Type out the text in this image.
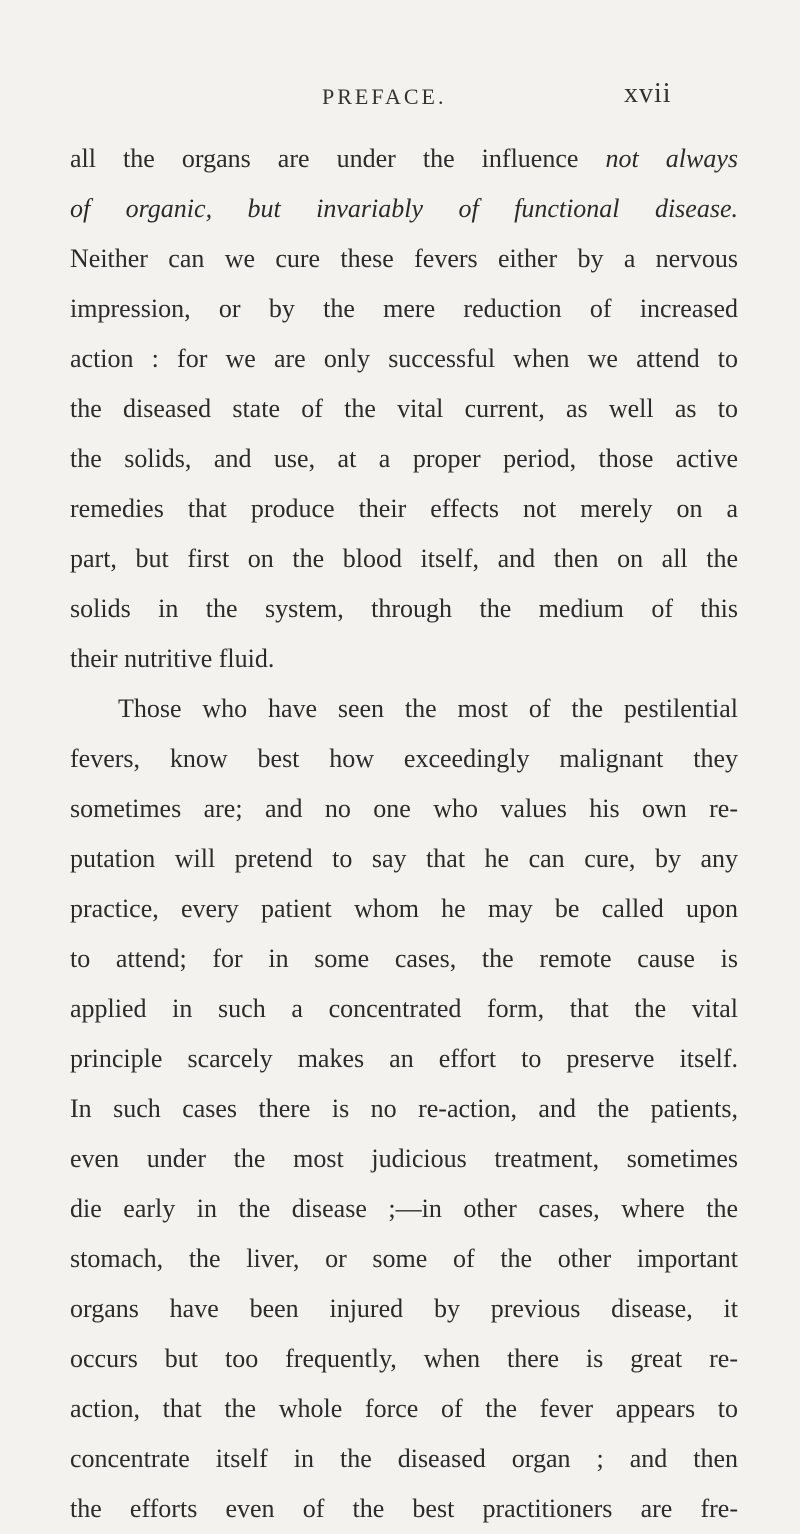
PREFACE.	xvii
all the organs are under the influence not always
of organic, but invariably of functional disease.
Neither can we cure these fevers either by a nervous
impression, or by the mere reduction of increased
action : for we are only successful when we attend to
the diseased state of the vital current, as well as to
the solids, and use, at a proper period, those active
remedies that produce their effects not merely on a
part, but first on the blood itself, and then on all the
solids in the system, through the medium of this
their nutritive fluid.
Those who have seen the most of the pestilential
fevers, know best how exceedingly malignant they
sometimes are; and no one who values his own re-
putation will pretend to say that he can cure, by any
practice, every patient whom he may be called upon
to attend; for in some cases, the remote cause is
applied in such a concentrated form, that the vital
principle scarcely makes an effort to preserve itself.
In such cases there is no re-action, and the patients,
even under the most judicious treatment, sometimes
die early in the disease ;—in other cases, where the
stomach, the liver, or some of the other important
organs have been injured by previous disease, it
occurs but too frequently, when there is great re-
action, that the whole force of the fever appears to
concentrate itself in the diseased organ ; and then
the efforts even of the best practitioners are fre-
